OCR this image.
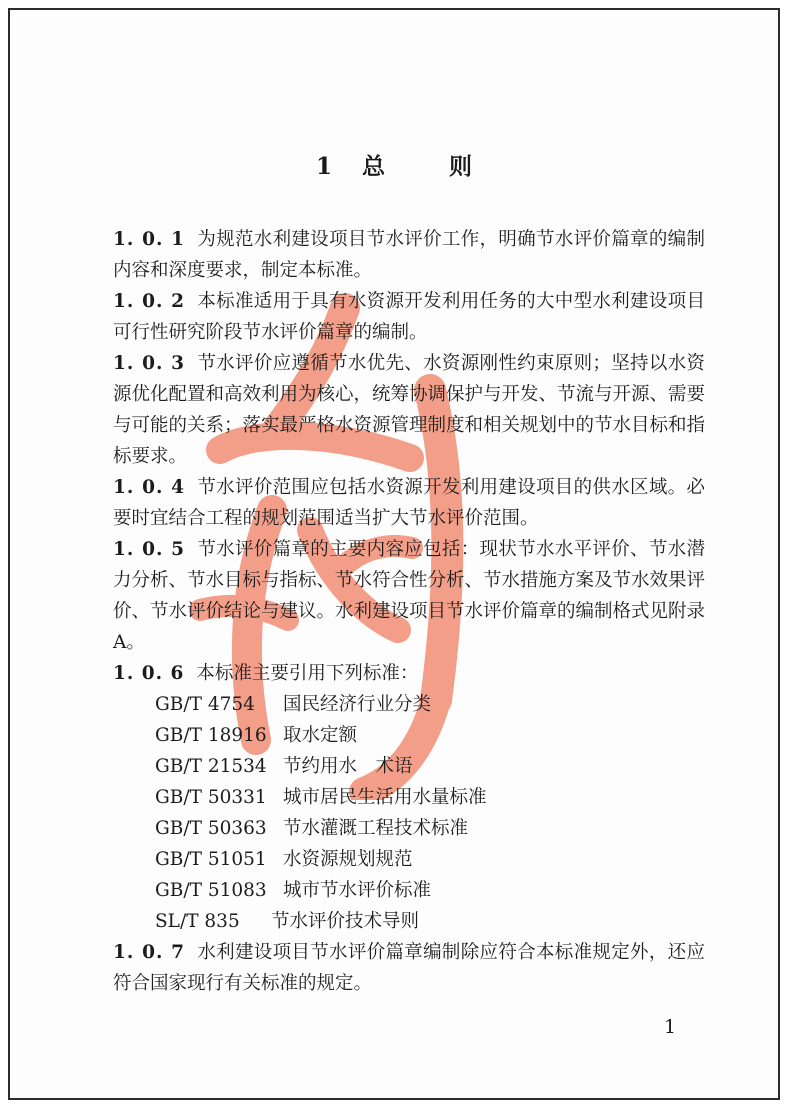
1 总	则

1. 0. 1 为规范水利建设项目节水评价工作，明确节水评价篇章的编制内容和深度要求，制定本标准。

1. 0. 2 本标准适用于具有水资源开发利用任务的大中型水利建设项目可行性研究阶段节水评价篇章的编制。

1. 0. 3 节水评价应遵循节水优先、水资源刚性约束原则；坚持以水资源优化配置和高效利用为核心，统筹协调保护与开发、节流与开源、需要与可能的关系；落实最严格水资源管理制度和相关规划中的节水目标和指标要求。

1. 0. 4 节水评价范围应包括水资源开发利用建设项目的供水区域。必要时宜结合工程的规划范围适当扩大节水评价范围。

1. 0. 5 节水评价篇章的主要内容应包括：现状节水水平评价、节水潜力分析、节水目标与指标、节水符合性分析、节水措施方案及节水效果评价、节水评价结论与建议。水利建设项目节水评价篇章的编制格式见附录 A。

1. 0. 6 本标准主要引用下列标准：

GB/T 4754 国民经济行业分类
GB/T 18916 取水定额
GB/T 21534 节约用水　术语
GB/T 50331 城市居民生活用水量标准
GB/T 50363 节水灌溉工程技术标准
GB/T 51051 水资源规划规范
GB/T 51083 城市节水评价标准
SL/T 835 节水评价技术导则

1. 0. 7 水利建设项目节水评价篇章编制除应符合本标准规定外，还应符合国家现行有关标准的规定。

1
